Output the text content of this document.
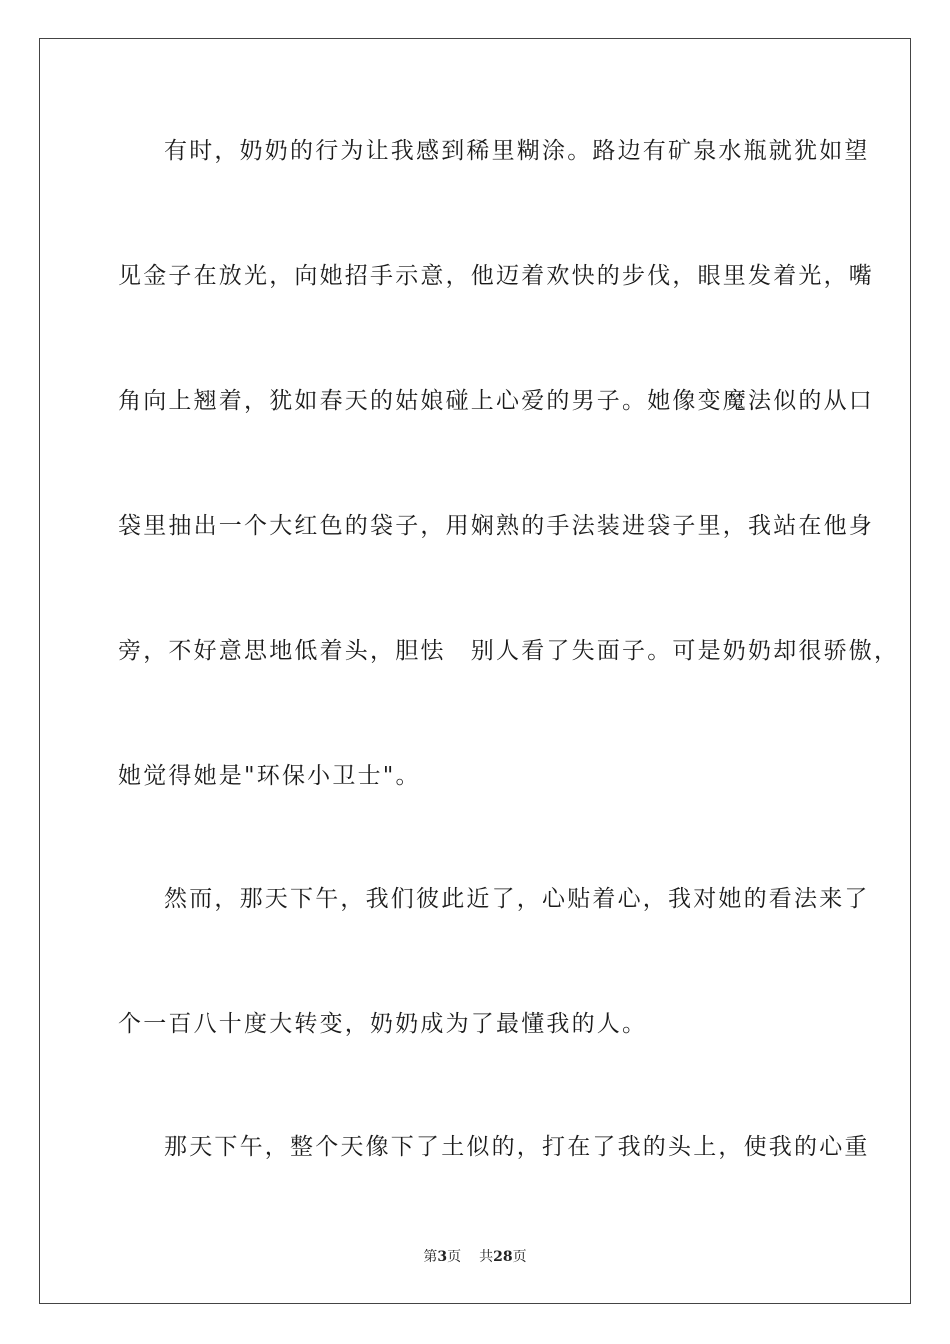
有时，奶奶的行为让我感到稀里糊涂。路边有矿泉水瓶就犹如望
见金子在放光，向她招手示意，他迈着欢快的步伐，眼里发着光，嘴
角向上翘着，犹如春天的姑娘碰上心爱的男子。她像变魔法似的从口
袋里抽出一个大红色的袋子，用娴熟的手法装进袋子里，我站在他身
旁，不好意思地低着头，胆怯　别人看了失面子。可是奶奶却很骄傲，
她觉得她是"环保小卫士"。
然而，那天下午，我们彼此近了，心贴着心，我对她的看法来了
个一百八十度大转变，奶奶成为了最懂我的人。
那天下午，整个天像下了土似的，打在了我的头上，使我的心重
第3页 共28页
